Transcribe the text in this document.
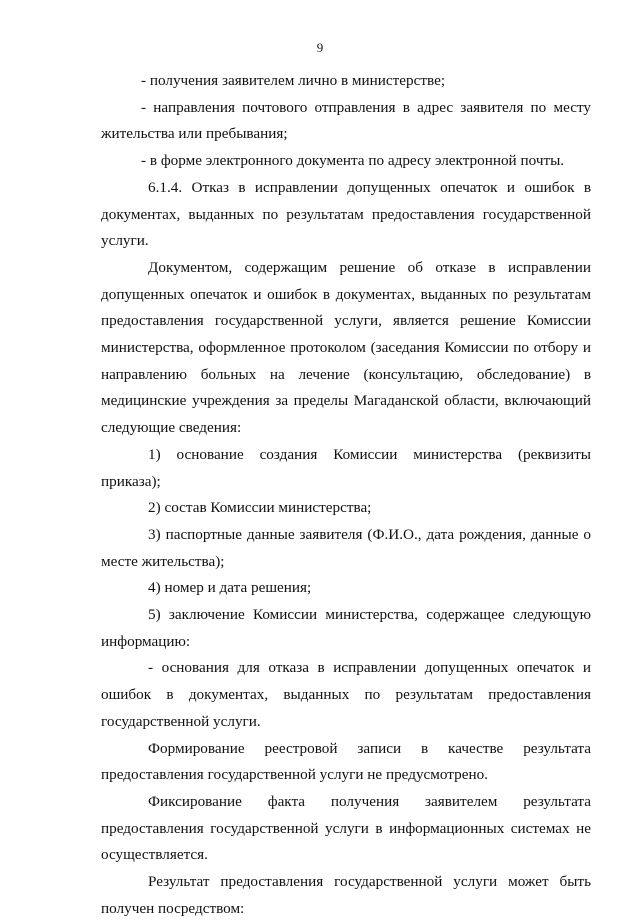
9

- получения заявителем лично в министерстве;

- направления почтового отправления в адрес заявителя по месту жительства или пребывания;

- в форме электронного документа по адресу электронной почты.

6.1.4. Отказ в исправлении допущенных опечаток и ошибок в документах, выданных по результатам предоставления государственной услуги.

Документом, содержащим решение об отказе в исправлении допущенных опечаток и ошибок в документах, выданных по результатам предоставления государственной услуги, является решение Комиссии министерства, оформленное протоколом (заседания Комиссии по отбору и направлению больных на лечение (консультацию, обследование) в медицинские учреждения за пределы Магаданской области, включающий следующие сведения:

1) основание создания Комиссии министерства (реквизиты приказа);

2) состав Комиссии министерства;

3) паспортные данные заявителя (Ф.И.О., дата рождения, данные о месте жительства);

4) номер и дата решения;

5) заключение Комиссии министерства, содержащее следующую информацию:

- основания для отказа в исправлении допущенных опечаток и ошибок в документах, выданных по результатам предоставления государственной услуги.

Формирование реестровой записи в качестве результата предоставления государственной услуги не предусмотрено.

Фиксирование факта получения заявителем результата предоставления государственной услуги в информационных системах не осуществляется.

Результат предоставления государственной услуги может быть получен посредством:
